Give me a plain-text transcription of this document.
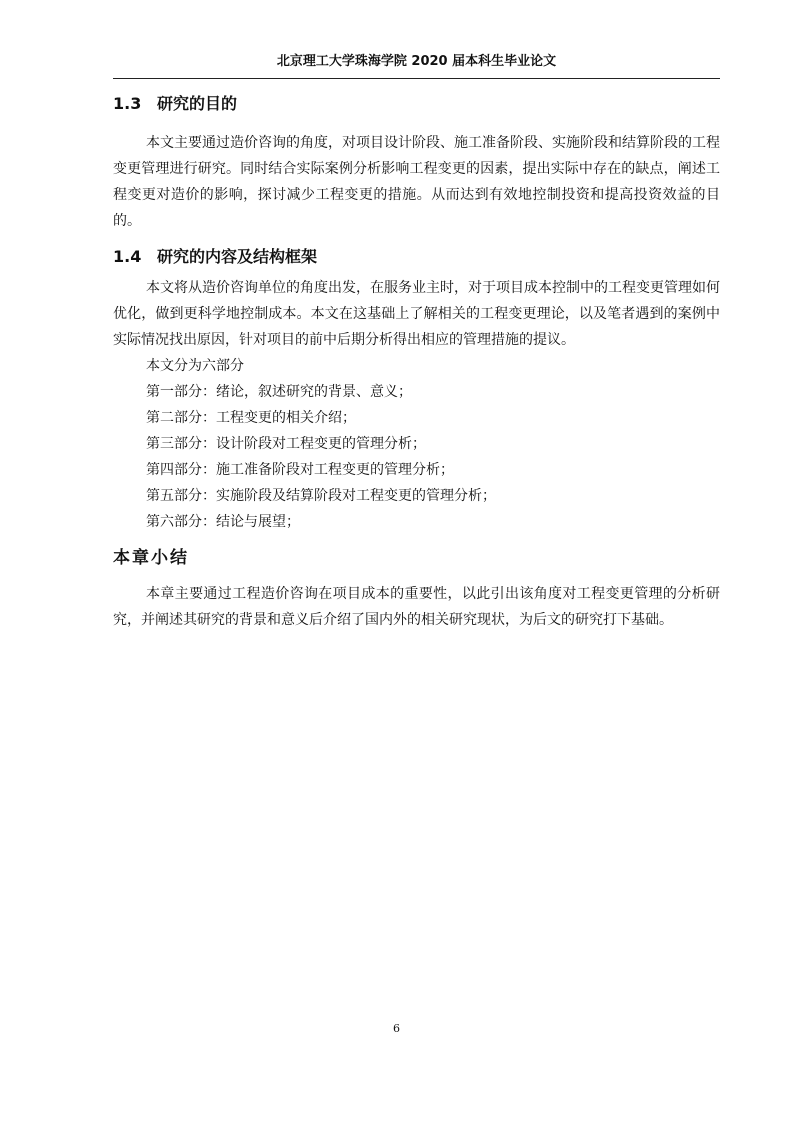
北京理工大学珠海学院 2020 届本科生毕业论文
1.3 研究的目的

本文主要通过造价咨询的角度，对项目设计阶段、施工准备阶段、实施阶段和结算阶段的工程变更管理进行研究。同时结合实际案例分析影响工程变更的因素，提出实际中存在的缺点，阐述工程变更对造价的影响，探讨减少工程变更的措施。从而达到有效地控制投资和提高投资效益的目的。

1.4 研究的内容及结构框架

本文将从造价咨询单位的角度出发，在服务业主时，对于项目成本控制中的工程变更管理如何优化，做到更科学地控制成本。本文在这基础上了解相关的工程变更理论，以及笔者遇到的案例中实际情况找出原因，针对项目的前中后期分析得出相应的管理措施的提议。

本文分为六部分

第一部分：绪论，叙述研究的背景、意义；

第二部分：工程变更的相关介绍；

第三部分：设计阶段对工程变更的管理分析；

第四部分：施工准备阶段对工程变更的管理分析；

第五部分：实施阶段及结算阶段对工程变更的管理分析；

第六部分：结论与展望；

本章小结

本章主要通过工程造价咨询在项目成本的重要性，以此引出该角度对工程变更管理的分析研究，并阐述其研究的背景和意义后介绍了国内外的相关研究现状，为后文的研究打下基础。

6
